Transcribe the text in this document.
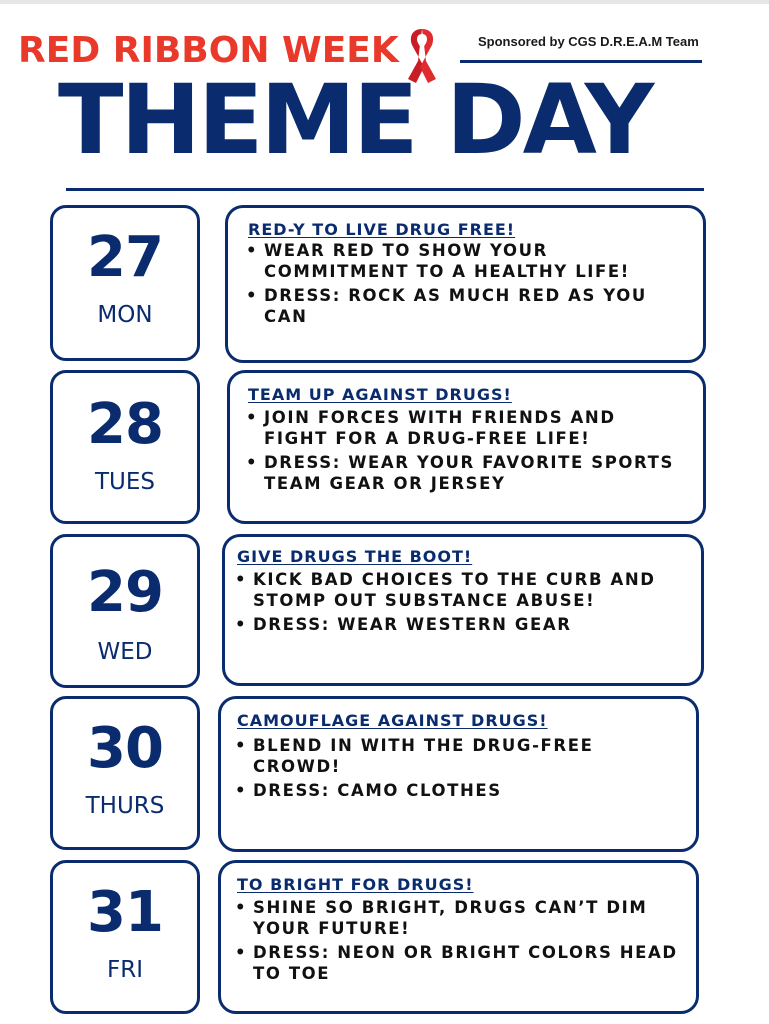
RED RIBBON WEEK	Sponsored by CGS D.R.E.A.M Team
THEME DAY
27
MON
RED-Y TO LIVE DRUG FREE!
• WEAR RED TO SHOW YOUR COMMITMENT TO A HEALTHY LIFE!
• DRESS: ROCK AS MUCH RED AS YOU CAN
28
TUES
TEAM UP AGAINST DRUGS!
• JOIN FORCES WITH FRIENDS AND FIGHT FOR A DRUG-FREE LIFE!
• DRESS: WEAR YOUR FAVORITE SPORTS TEAM GEAR OR JERSEY
29
WED
GIVE DRUGS THE BOOT!
• KICK BAD CHOICES TO THE CURB AND STOMP OUT SUBSTANCE ABUSE!
• DRESS: WEAR WESTERN GEAR
30
THURS
CAMOUFLAGE AGAINST DRUGS!
• BLEND IN WITH THE DRUG-FREE CROWD!
• DRESS: CAMO CLOTHES
31
FRI
TO BRIGHT FOR DRUGS!
• SHINE SO BRIGHT, DRUGS CAN’T DIM YOUR FUTURE!
• DRESS: NEON OR BRIGHT COLORS HEAD TO TOE
